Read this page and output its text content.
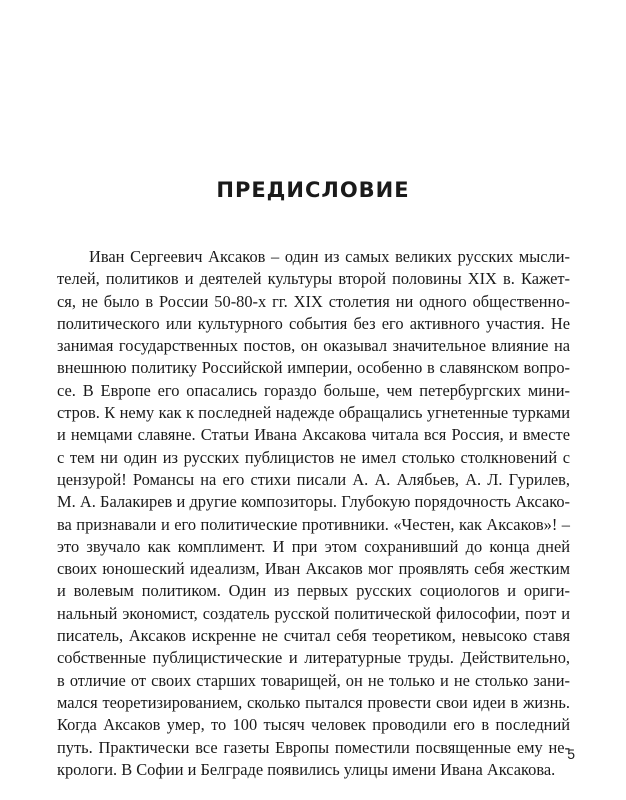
ПРЕДИСЛОВИЕ
Иван Сергеевич Аксаков – один из самых великих русских мысли-
телей, политиков и деятелей культуры второй половины XIX в. Кажет-
ся, не было в России 50-80-х гг. XIX столетия ни одного общественно-
политического или культурного события без его активного участия. Не
занимая государственных постов, он оказывал значительное влияние на
внешнюю политику Российской империи, особенно в славянском вопро-
се. В Европе его опасались гораздо больше, чем петербургских мини-
стров. К нему как к последней надежде обращались угнетенные турками
и немцами славяне. Статьи Ивана Аксакова читала вся Россия, и вместе
с тем ни один из русских публицистов не имел столько столкновений с
цензурой! Романсы на его стихи писали А. А. Алябьев, А. Л. Гурилев,
М. А. Балакирев и другие композиторы. Глубокую порядочность Аксако-
ва признавали и его политические противники. «Честен, как Аксаков»! –
это звучало как комплимент. И при этом сохранивший до конца дней
своих юношеский идеализм, Иван Аксаков мог проявлять себя жестким
и волевым политиком. Один из первых русских социологов и ориги-
нальный экономист, создатель русской политической философии, поэт и
писатель, Аксаков искренне не считал себя теоретиком, невысоко ставя
собственные публицистические и литературные труды. Действительно,
в отличие от своих старших товарищей, он не только и не столько зани-
мался теоретизированием, сколько пытался провести свои идеи в жизнь.
Когда Аксаков умер, то 100 тысяч человек проводили его в последний
путь. Практически все газеты Европы поместили посвященные ему не-
крологи. В Софии и Белграде появились улицы имени Ивана Аксакова.
5
